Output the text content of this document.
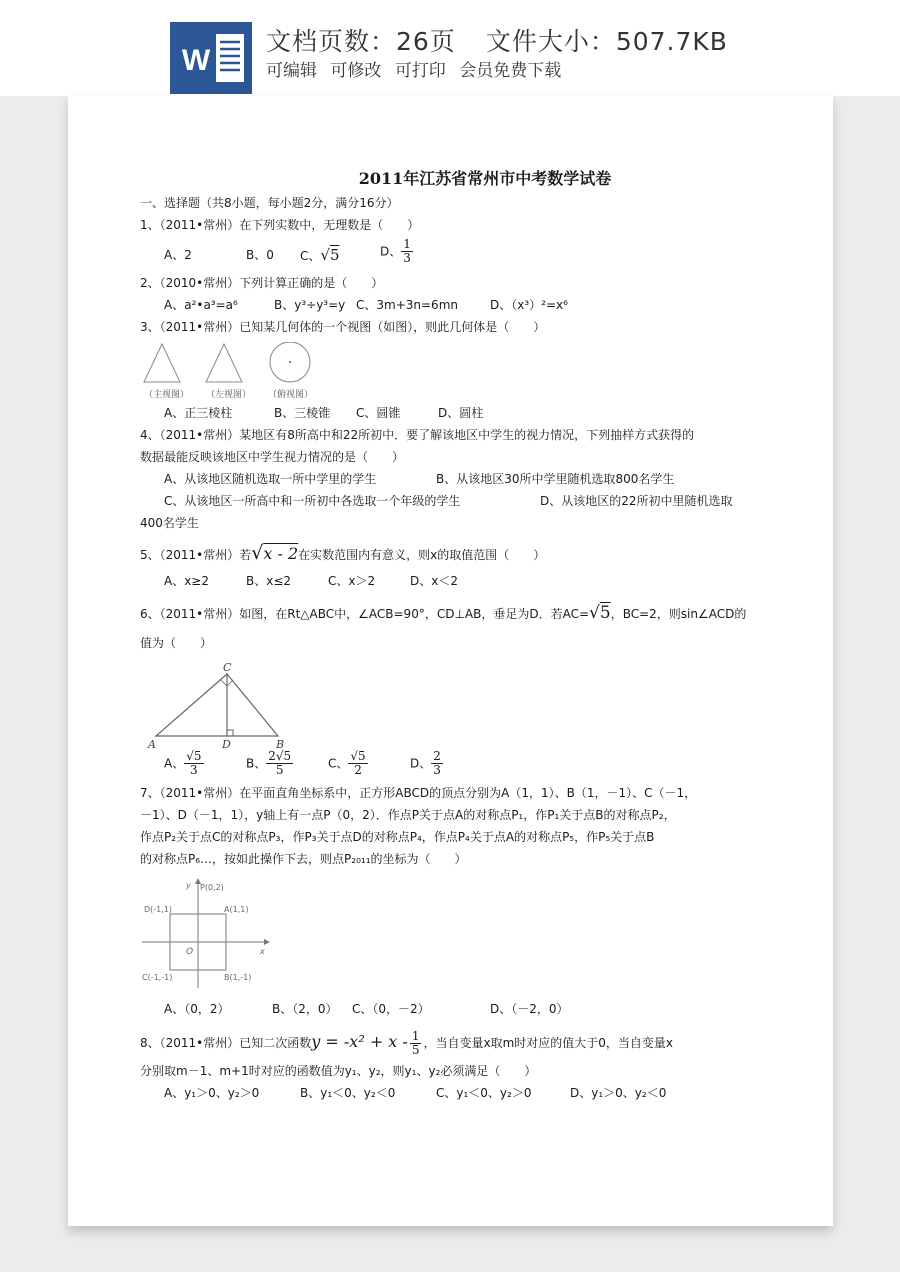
W
文档页数：26页 文件大小：507.7KB
可编辑 可修改 可打印 会员免费下载
2011年江苏省常州市中考数学试卷
一、选择题（共8小题，每小题2分，满分16分）
1、（2011•常州）在下列实数中，无理数是（　　）
A、2	B、0 C、√5	D、 $\frac{1}{3}$
2、（2010•常州）下列计算正确的是（　　）
A、a²•a³=a⁶	B、y³÷y³=y C、3m+3n=6mn	D、（x³）²=x⁶
3、（2011•常州）已知某几何体的一个视图（如图），则此几何体是（　　）
（主视图） （左视图） （俯视图）
A、正三棱柱	B、三棱锥 C、圆锥	D、圆柱
4、（2011•常州）某地区有8所高中和22所初中．要了解该地区中学生的视力情况，下列抽样方式获得的
数据最能反映该地区中学生视力情况的是（　　）
A、从该地区随机选取一所中学里的学生	B、从该地区30所中学里随机选取800名学生
C、从该地区一所高中和一所初中各选取一个年级的学生	D、从该地区的22所初中里随机选取
400名学生
5、（2011•常州）若√x - 2在实数范围内有意义，则x的取值范围（　　）
A、x≥2	B、x≤2	C、x＞2	D、x＜2
6、（2011•常州）如图，在Rt△ABC中，∠ACB=90°，CD⊥AB，垂足为D．若AC=√5，BC=2，则sin∠ACD的
值为（　　）
C
A	D	B
A、 $\frac{√5}{3}$	B、 $\frac{2√5}{5}$	C、 $\frac{√5}{2}$	D、 $\frac{2}{3}$
7、（2011•常州）在平面直角坐标系中，正方形ABCD的顶点分别为A（1，1）、B（1，－1）、C（－1，
－1）、D（－1，1），y轴上有一点P（0，2）．作点P关于点A的对称点P₁，作P₁关于点B的对称点P₂，
作点P₂关于点C的对称点P₃，作P₃关于点D的对称点P₄，作点P₄关于点A的对称点P₅，作P₅关于点B
的对称点P₆…，按如此操作下去，则点P₂₀₁₁的坐标为（　　）
y P(0,2)
D(-1,1)	A(1,1)
O	x
C(-1,-1)	B(1,-1)
A、（0，2）	B、（2，0） C、（0，－2）	D、（－2，0）
8、（2011•常州）已知二次函数$y = -x^2 + x - \frac{1}{5}$ ，当自变量x取m时对应的值大于0，当自变量x
分别取m－1、m+1时对应的函数值为y₁、y₂，则y₁、y₂必须满足（　　）
A、y₁＞0、y₂＞0	B、y₁＜0、y₂＜0	C、y₁＜0、y₂＞0	D、y₁＞0、y₂＜0
